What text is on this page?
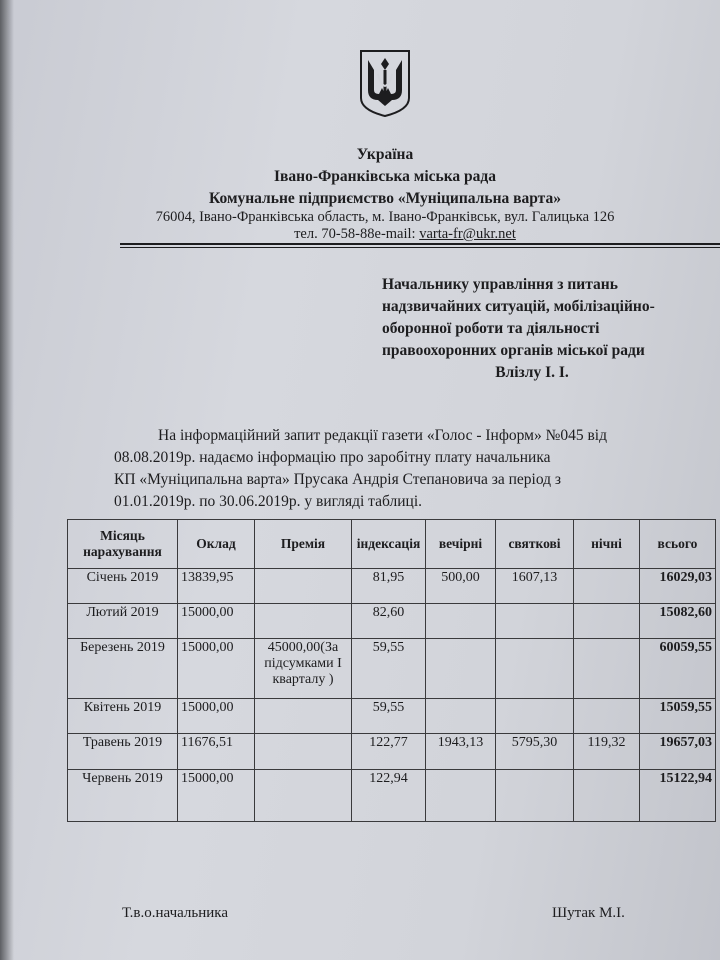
Україна
Івано-Франківська міська рада
Комунальне підприємство «Муніципальна варта»
76004, Івано-Франківська область, м. Івано-Франківськ, вул. Галицька 126
тел. 70-58-88e-mail: varta-fr@ukr.net
Начальнику управління з питань
надзвичайних ситуацій, мобілізаційно-
оборонної роботи та діяльності
правоохоронних органів міської ради
Влізлу І. І.
На інформаційний запит редакції газети «Голос - Інформ» №045 від
08.08.2019р. надаємо інформацію про заробітну плату начальника
КП «Муніципальна варта» Прусака Андрія Степановича за період з
01.01.2019р. по 30.06.2019р. у вигляді таблиці.
Місяць нарахування	Оклад	Премія	індексація	вечірні	святкові	нічні	всього
Січень 2019	13839,95		81,95	500,00	1607,13		16029,03
Лютий 2019	15000,00		82,60				15082,60
Березень 2019	15000,00	45000,00(За підсумками І кварталу )	59,55				60059,55
Квітень 2019	15000,00		59,55				15059,55
Травень 2019	11676,51		122,77	1943,13	5795,30	119,32	19657,03
Червень 2019	15000,00		122,94				15122,94
Т.в.о.начальника	Шутак М.І.
